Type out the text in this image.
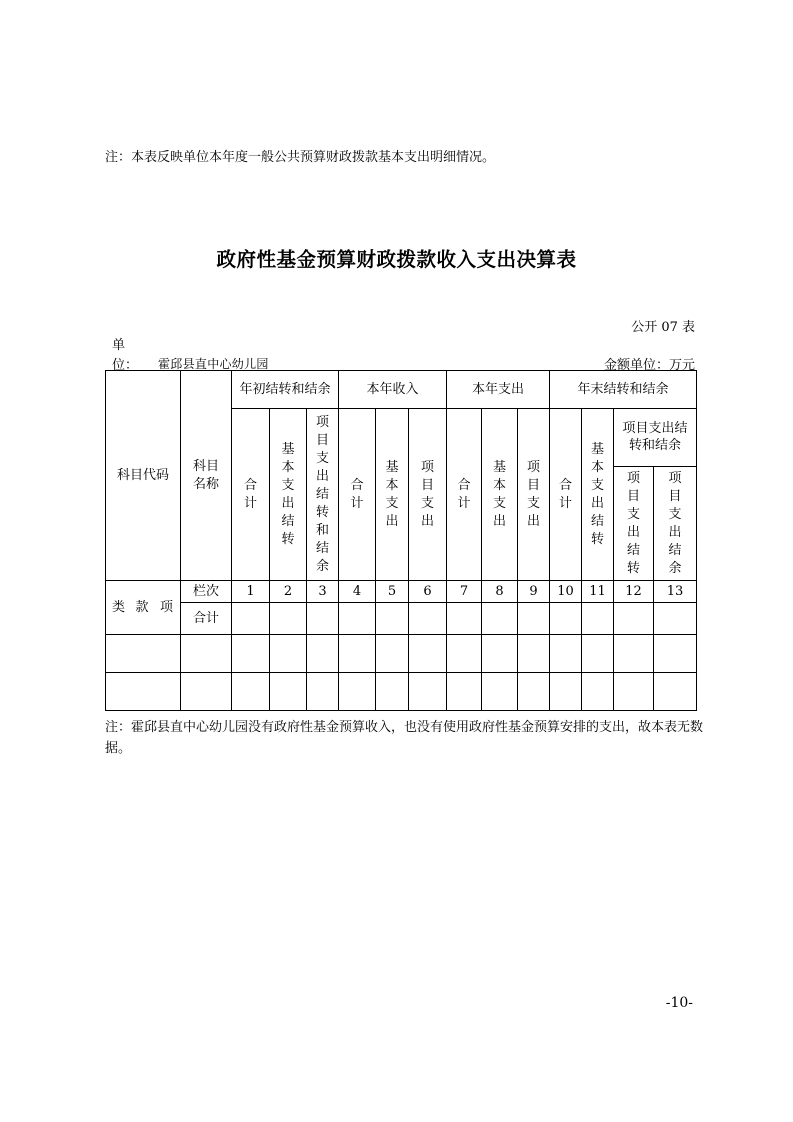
注：本表反映单位本年度一般公共预算财政拨款基本支出明细情况。
政府性基金预算财政拨款收入支出决算表
公开 07 表
单
位： 霍邱县直中心幼儿园	金额单位：万元
科目代码	科目名称	年初结转和结余			本年收入			本年支出			年末结转和结余			
		合计	基本支出结转	项目支出结转和结余	合计	基本支出	项目支出	合计	基本支出	项目支出	合计	基本支出结转	项目支出结转和结余	
													项目支出结转	项目支出结余
类 款 项	栏次	1	2	3	4	5	6	7	8	9	10	11	12	13
	合计													

注：霍邱县直中心幼儿园没有政府性基金预算收入，也没有使用政府性基金预算安排的支出，故本表无数据。
-10-
